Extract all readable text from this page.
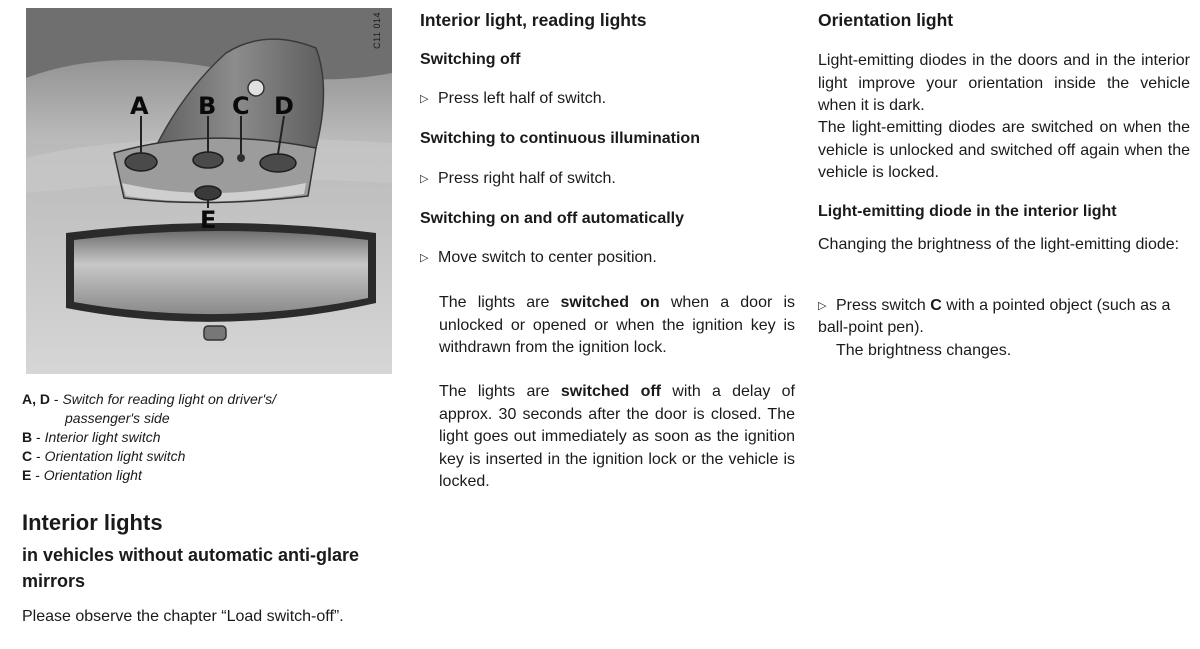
A B C D
E
C11 014
A, D - Switch for reading light on driver's/
passenger's side
B - Interior light switch
C - Orientation light switch
E - Orientation light
Interior lights
in vehicles without automatic anti-glare mirrors

Please observe the chapter “Load switch-off”.

Interior light, reading lights
Switching off

▷ Press left half of switch.

Switching to continuous illumination

▷ Press right half of switch.

Switching on and off automatically

▷ Move switch to center position.

The lights are switched on when a door is unlocked or opened or when the ignition key is withdrawn from the ignition lock.

The lights are switched off with a delay of approx. 30 seconds after the door is closed. The light goes out immediately as soon as the ignition key is inserted in the ignition lock or the vehicle is locked.

Orientation light

Light-emitting diodes in the doors and in the interior light improve your orientation inside the vehicle when it is dark.

The light-emitting diodes are switched on when the vehicle is unlocked and switched off again when the vehicle is locked.

Light-emitting diode in the interior light

Changing the brightness of the light-emitting diode:

▷ Press switch C with a pointed object (such as a ball-point pen).

The brightness changes.
